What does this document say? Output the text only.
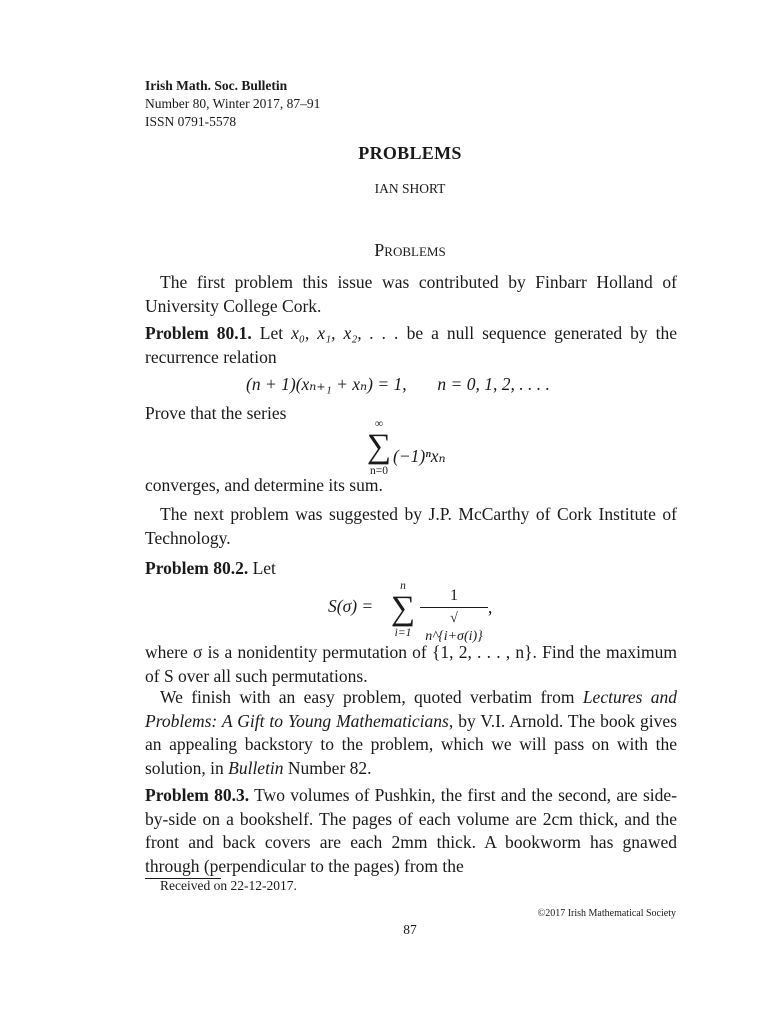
Irish Math. Soc. Bulletin
Number 80, Winter 2017, 87–91
ISSN 0791-5578
PROBLEMS
IAN SHORT
Problems
The first problem this issue was contributed by Finbarr Holland of University College Cork.
Problem 80.1. Let x₀, x₁, x₂, . . . be a null sequence generated by the recurrence relation
(n + 1)(xₙ₊₁ + xₙ) = 1, n = 0, 1, 2, . . . .
Prove that the series
∞
∑
n=0
(−1)ⁿxₙ
converges, and determine its sum.
The next problem was suggested by J.P. McCarthy of Cork Institute of Technology.
Problem 80.2. Let
S(σ) =
n
∑
i=1
1
√ n^{i+σ(i)}
,
where σ is a nonidentity permutation of {1, 2, . . . , n}. Find the maximum of S over all such permutations.
We finish with an easy problem, quoted verbatim from Lectures and Problems: A Gift to Young Mathematicians, by V.I. Arnold. The book gives an appealing backstory to the problem, which we will pass on with the solution, in Bulletin Number 82.
Problem 80.3. Two volumes of Pushkin, the first and the second, are side-by-side on a bookshelf. The pages of each volume are 2cm thick, and the front and back covers are each 2mm thick. A bookworm has gnawed through (perpendicular to the pages) from the
Received on 22-12-2017.
©2017 Irish Mathematical Society
87
